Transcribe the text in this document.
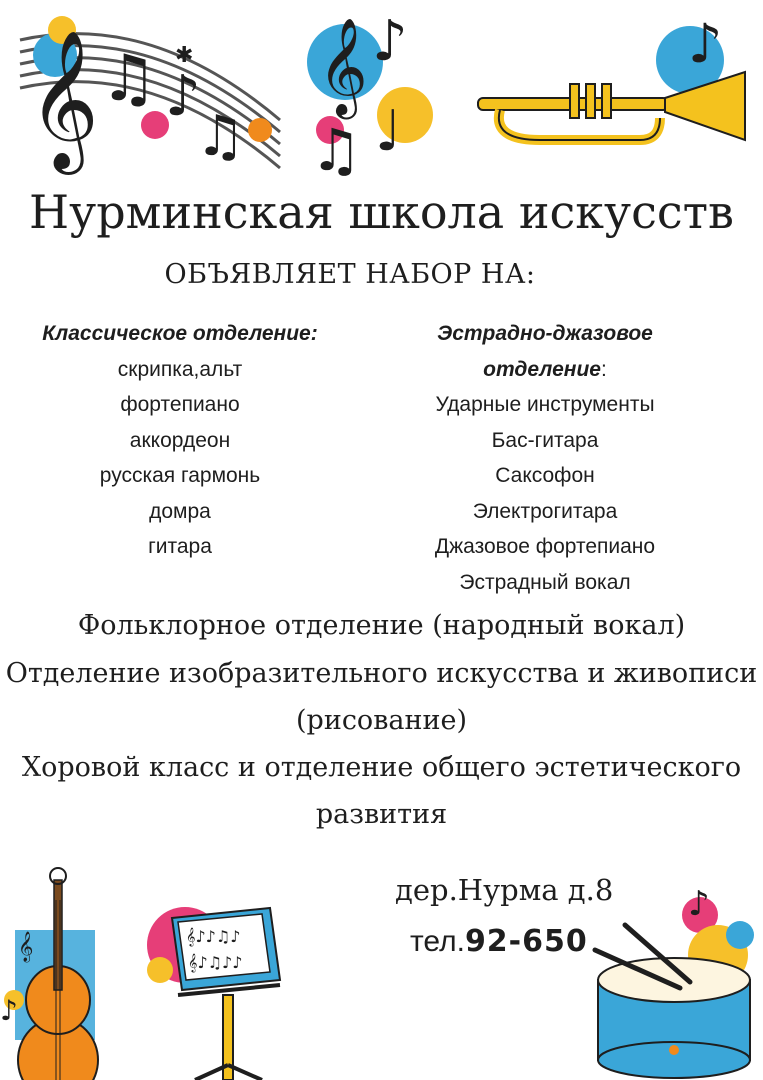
𝄞 ♫ ♪
♫
✱ 𝄞 ♪
♫ ♩
♪
Нурминская школа искусств
ОБЪЯВЛЯЕТ НАБОР НА:
Классическое отделение:
скрипка,альт
фортепиано
аккордеон
русская гармонь
домра
гитара
Эстрадно-джазовое
отделение:
Ударные инструменты
Бас-гитара
Саксофон
Электрогитара
Джазовое фортепиано
Эстрадный вокал
Фольклорное отделение (народный вокал)
Отделение изобразительного искусства и живописи
(рисование)
Хоровой класс и отделение общего эстетического
развития
дер.Нурма д.8
тел.92-650
𝄞
♪
𝄞♪♪♫♪
𝄞♪♫♪♪
♪
